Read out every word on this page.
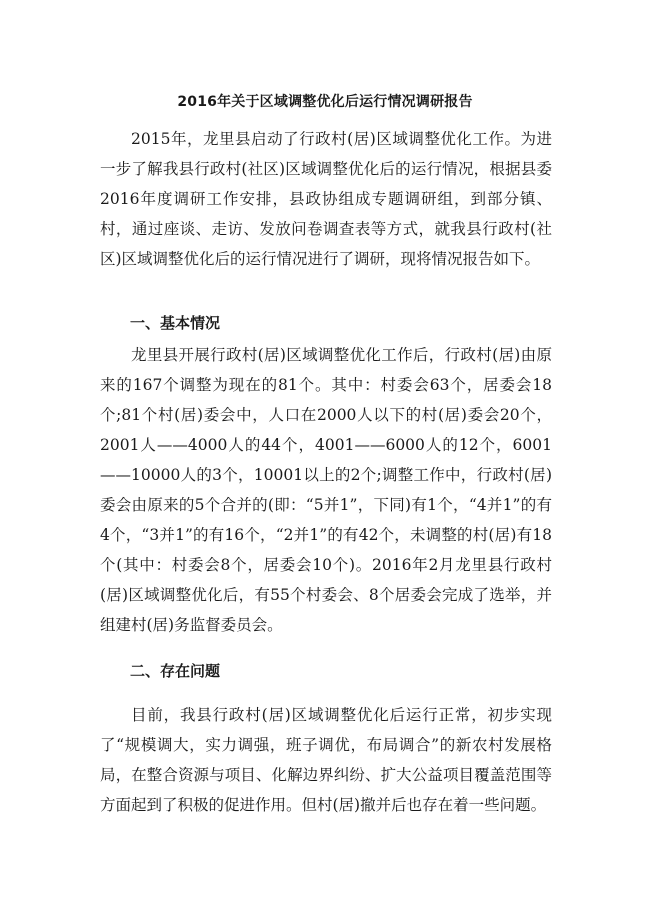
2016年关于区域调整优化后运行情况调研报告

2015年，龙里县启动了行政村(居)区域调整优化工作。为进一步了解我县行政村(社区)区域调整优化后的运行情况，根据县委2016年度调研工作安排，县政协组成专题调研组，到部分镇、村，通过座谈、走访、发放问卷调查表等方式，就我县行政村(社区)区域调整优化后的运行情况进行了调研，现将情况报告如下。

一、基本情况

龙里县开展行政村(居)区域调整优化工作后，行政村(居)由原来的167个调整为现在的81个。其中：村委会63个，居委会18个;81个村(居)委会中，人口在2000人以下的村(居)委会20个，2001人——4000人的44个，4001——6000人的12个，6001——10000人的3个，10001以上的2个;调整工作中，行政村(居)委会由原来的5个合并的(即：“5并1”，下同)有1个，“4并1”的有4个，“3并1”的有16个，“2并1”的有42个，未调整的村(居)有18个(其中：村委会8个，居委会10个)。2016年2月龙里县行政村(居)区域调整优化后，有55个村委会、8个居委会完成了选举，并组建村(居)务监督委员会。

二、存在问题

目前，我县行政村(居)区域调整优化后运行正常，初步实现了“规模调大，实力调强，班子调优，布局调合”的新农村发展格局，在整合资源与项目、化解边界纠纷、扩大公益项目覆盖范围等方面起到了积极的促进作用。但村(居)撤并后也存在着一些问题。
